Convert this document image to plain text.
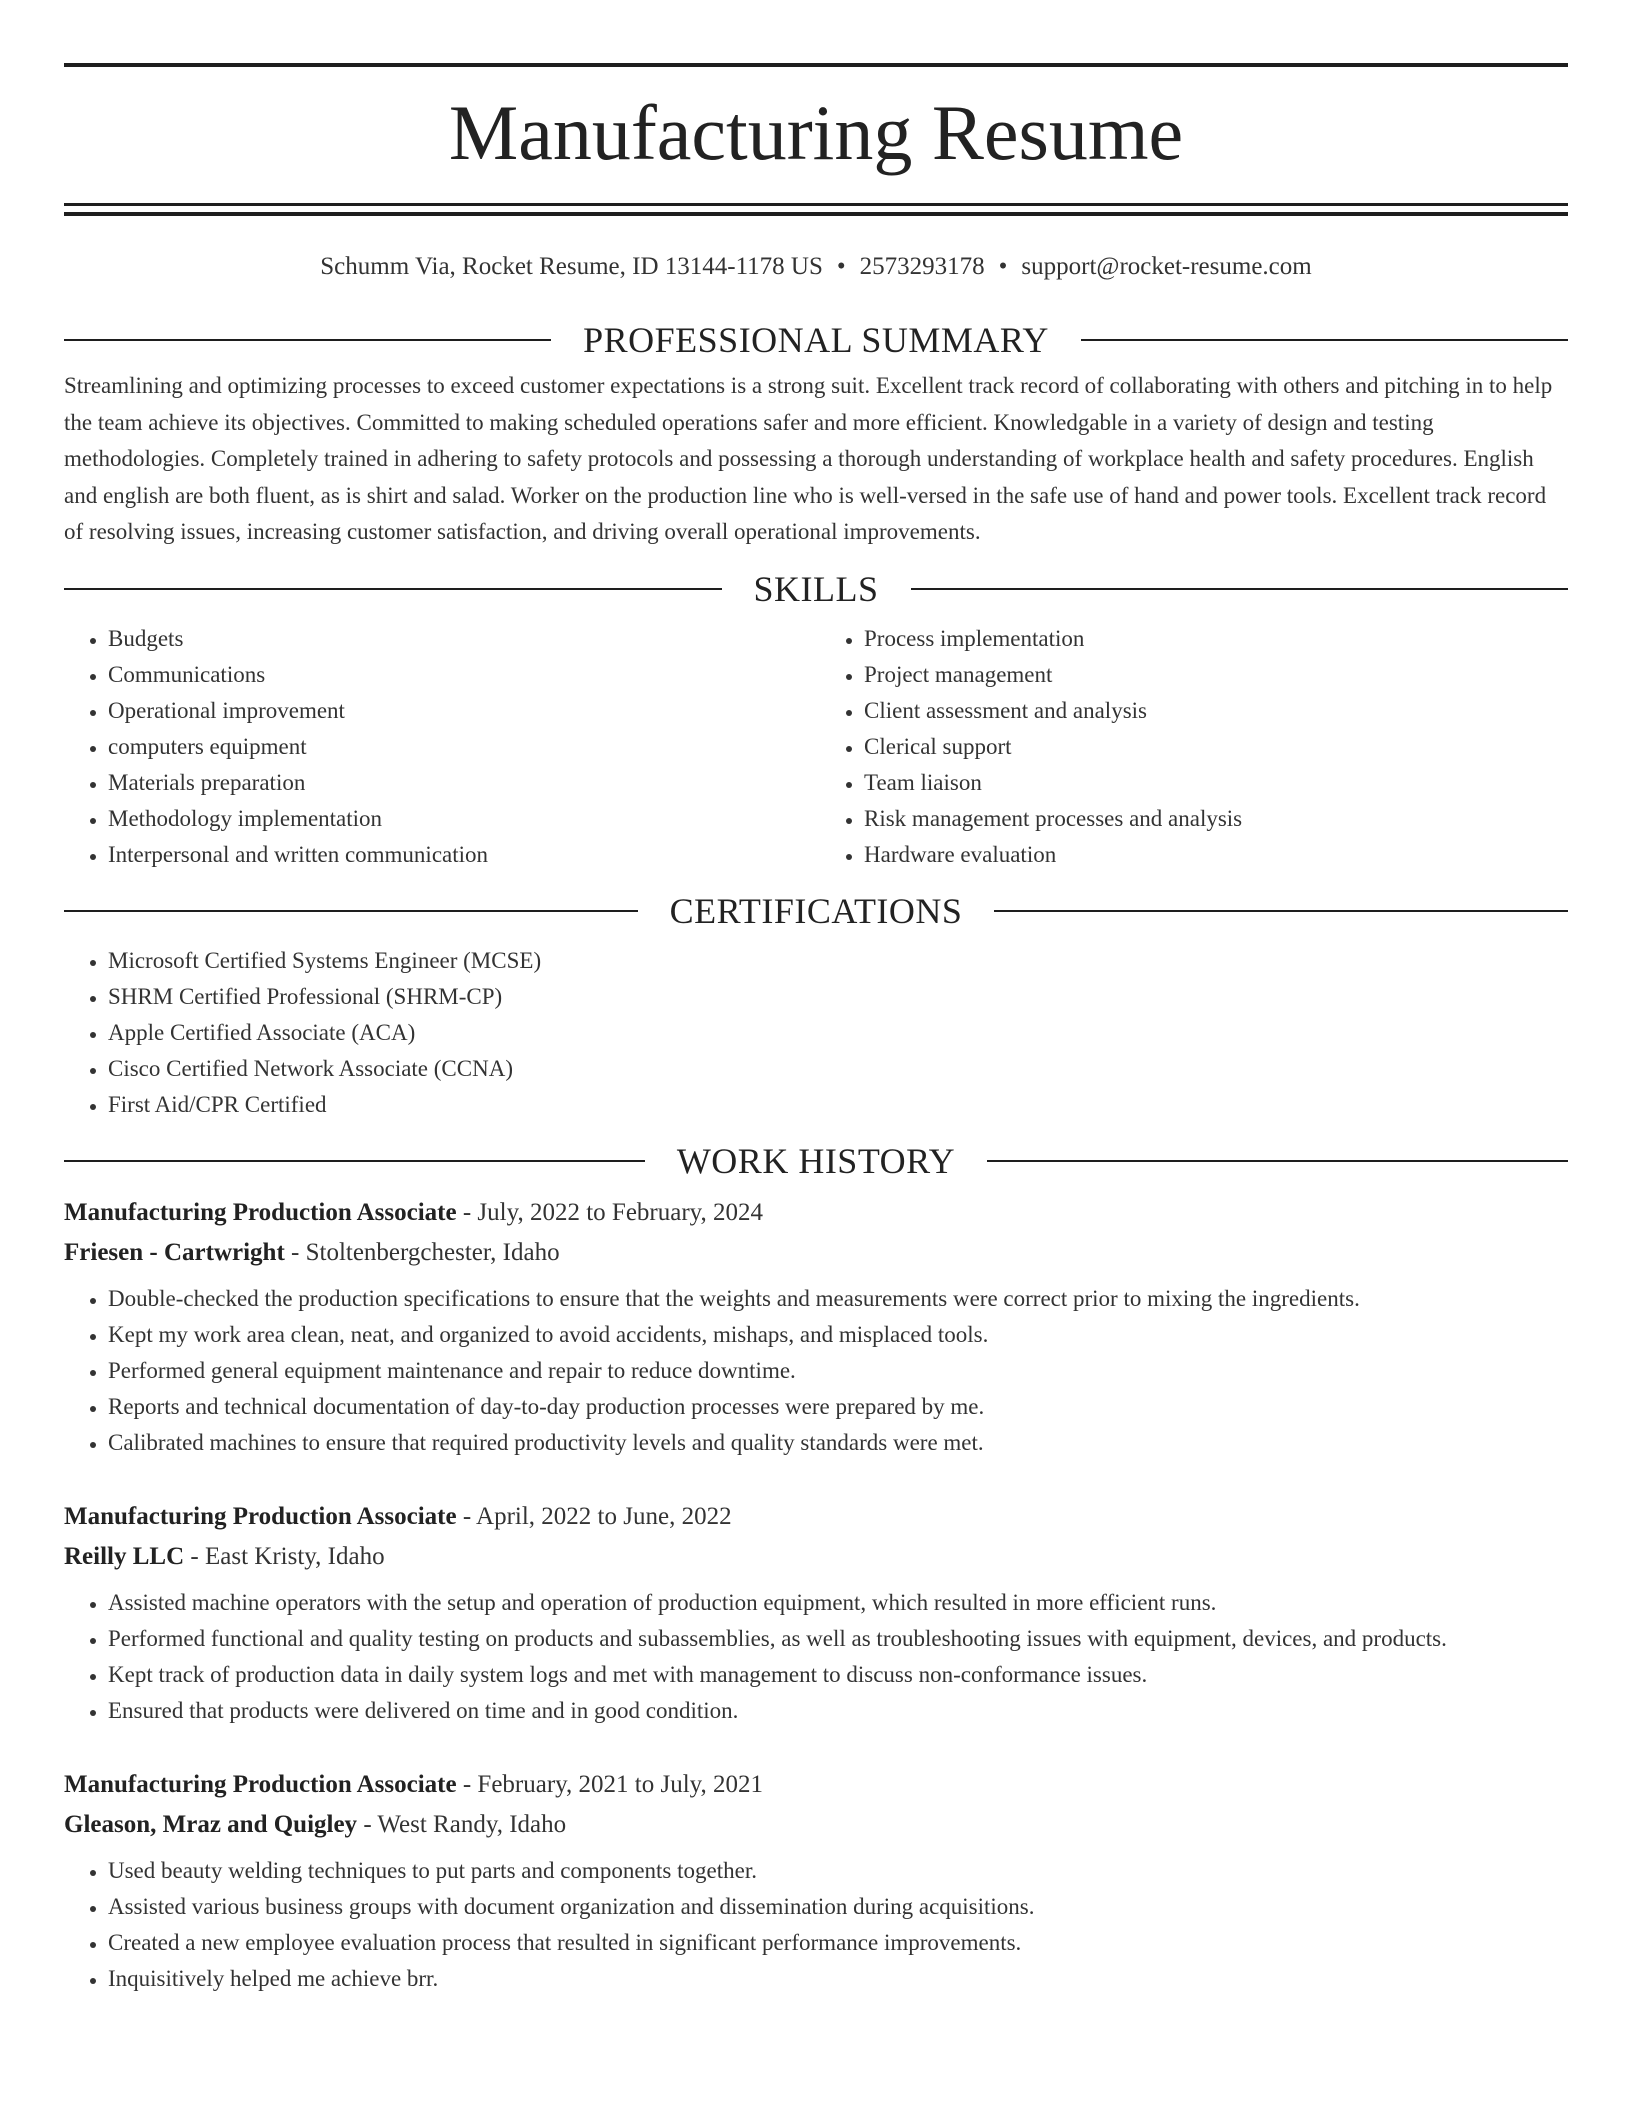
Manufacturing Resume
Schumm Via, Rocket Resume, ID 13144-1178 US • 2573293178 • support@rocket-resume.com
PROFESSIONAL SUMMARY
Streamlining and optimizing processes to exceed customer expectations is a strong suit. Excellent track record of collaborating with others and pitching in to help the team achieve its objectives. Committed to making scheduled operations safer and more efficient. Knowledgable in a variety of design and testing methodologies. Completely trained in adhering to safety protocols and possessing a thorough understanding of workplace health and safety procedures. English and english are both fluent, as is shirt and salad. Worker on the production line who is well-versed in the safe use of hand and power tools. Excellent track record of resolving issues, increasing customer satisfaction, and driving overall operational improvements.
SKILLS
• Budgets
• Communications
• Operational improvement
• computers equipment
• Materials preparation
• Methodology implementation
• Interpersonal and written communication
• Process implementation
• Project management
• Client assessment and analysis
• Clerical support
• Team liaison
• Risk management processes and analysis
• Hardware evaluation
CERTIFICATIONS
• Microsoft Certified Systems Engineer (MCSE)
• SHRM Certified Professional (SHRM-CP)
• Apple Certified Associate (ACA)
• Cisco Certified Network Associate (CCNA)
• First Aid/CPR Certified
WORK HISTORY
Manufacturing Production Associate - July, 2022 to February, 2024
Friesen - Cartwright - Stoltenbergchester, Idaho
• Double-checked the production specifications to ensure that the weights and measurements were correct prior to mixing the ingredients.
• Kept my work area clean, neat, and organized to avoid accidents, mishaps, and misplaced tools.
• Performed general equipment maintenance and repair to reduce downtime.
• Reports and technical documentation of day-to-day production processes were prepared by me.
• Calibrated machines to ensure that required productivity levels and quality standards were met.
Manufacturing Production Associate - April, 2022 to June, 2022
Reilly LLC - East Kristy, Idaho
• Assisted machine operators with the setup and operation of production equipment, which resulted in more efficient runs.
• Performed functional and quality testing on products and subassemblies, as well as troubleshooting issues with equipment, devices, and products.
• Kept track of production data in daily system logs and met with management to discuss non-conformance issues.
• Ensured that products were delivered on time and in good condition.
Manufacturing Production Associate - February, 2021 to July, 2021
Gleason, Mraz and Quigley - West Randy, Idaho
• Used beauty welding techniques to put parts and components together.
• Assisted various business groups with document organization and dissemination during acquisitions.
• Created a new employee evaluation process that resulted in significant performance improvements.
• Inquisitively helped me achieve brr.
